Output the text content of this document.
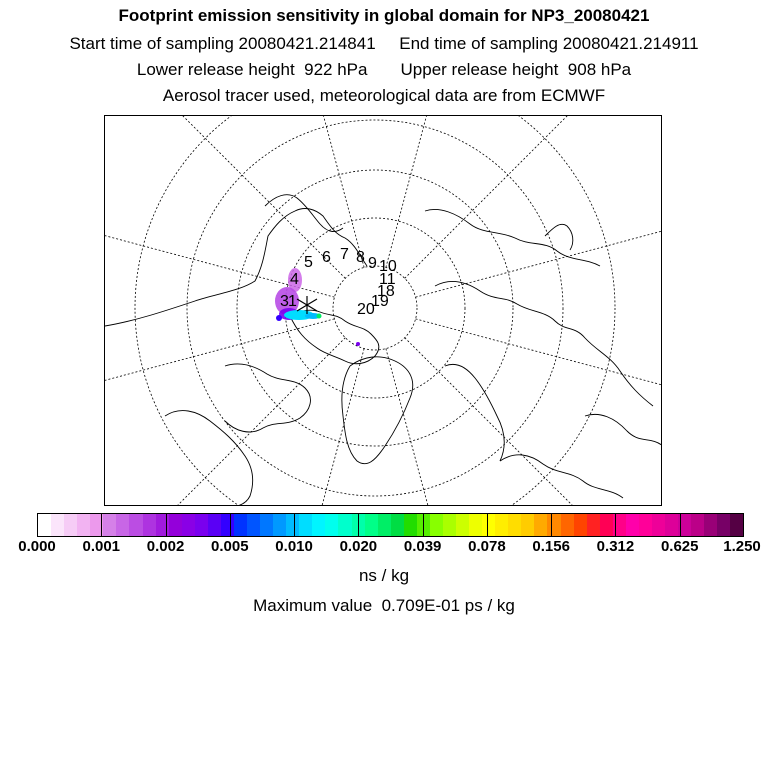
Footprint emission sensitivity in global domain for NP3_20080421
Start time of sampling 20080421.214841     End time of sampling 20080421.214911
Lower release height  922 hPa       Upper release height  908 hPa
Aerosol tracer used, meteorological data are from ECMWF
5 6 7 8 9 10
11
18
19
20
4
3 1
0.000 0.001 0.002 0.005 0.010 0.020 0.039 0.078 0.156 0.312 0.625 1.250
ns / kg
Maximum value  0.709E-01 ps / kg
